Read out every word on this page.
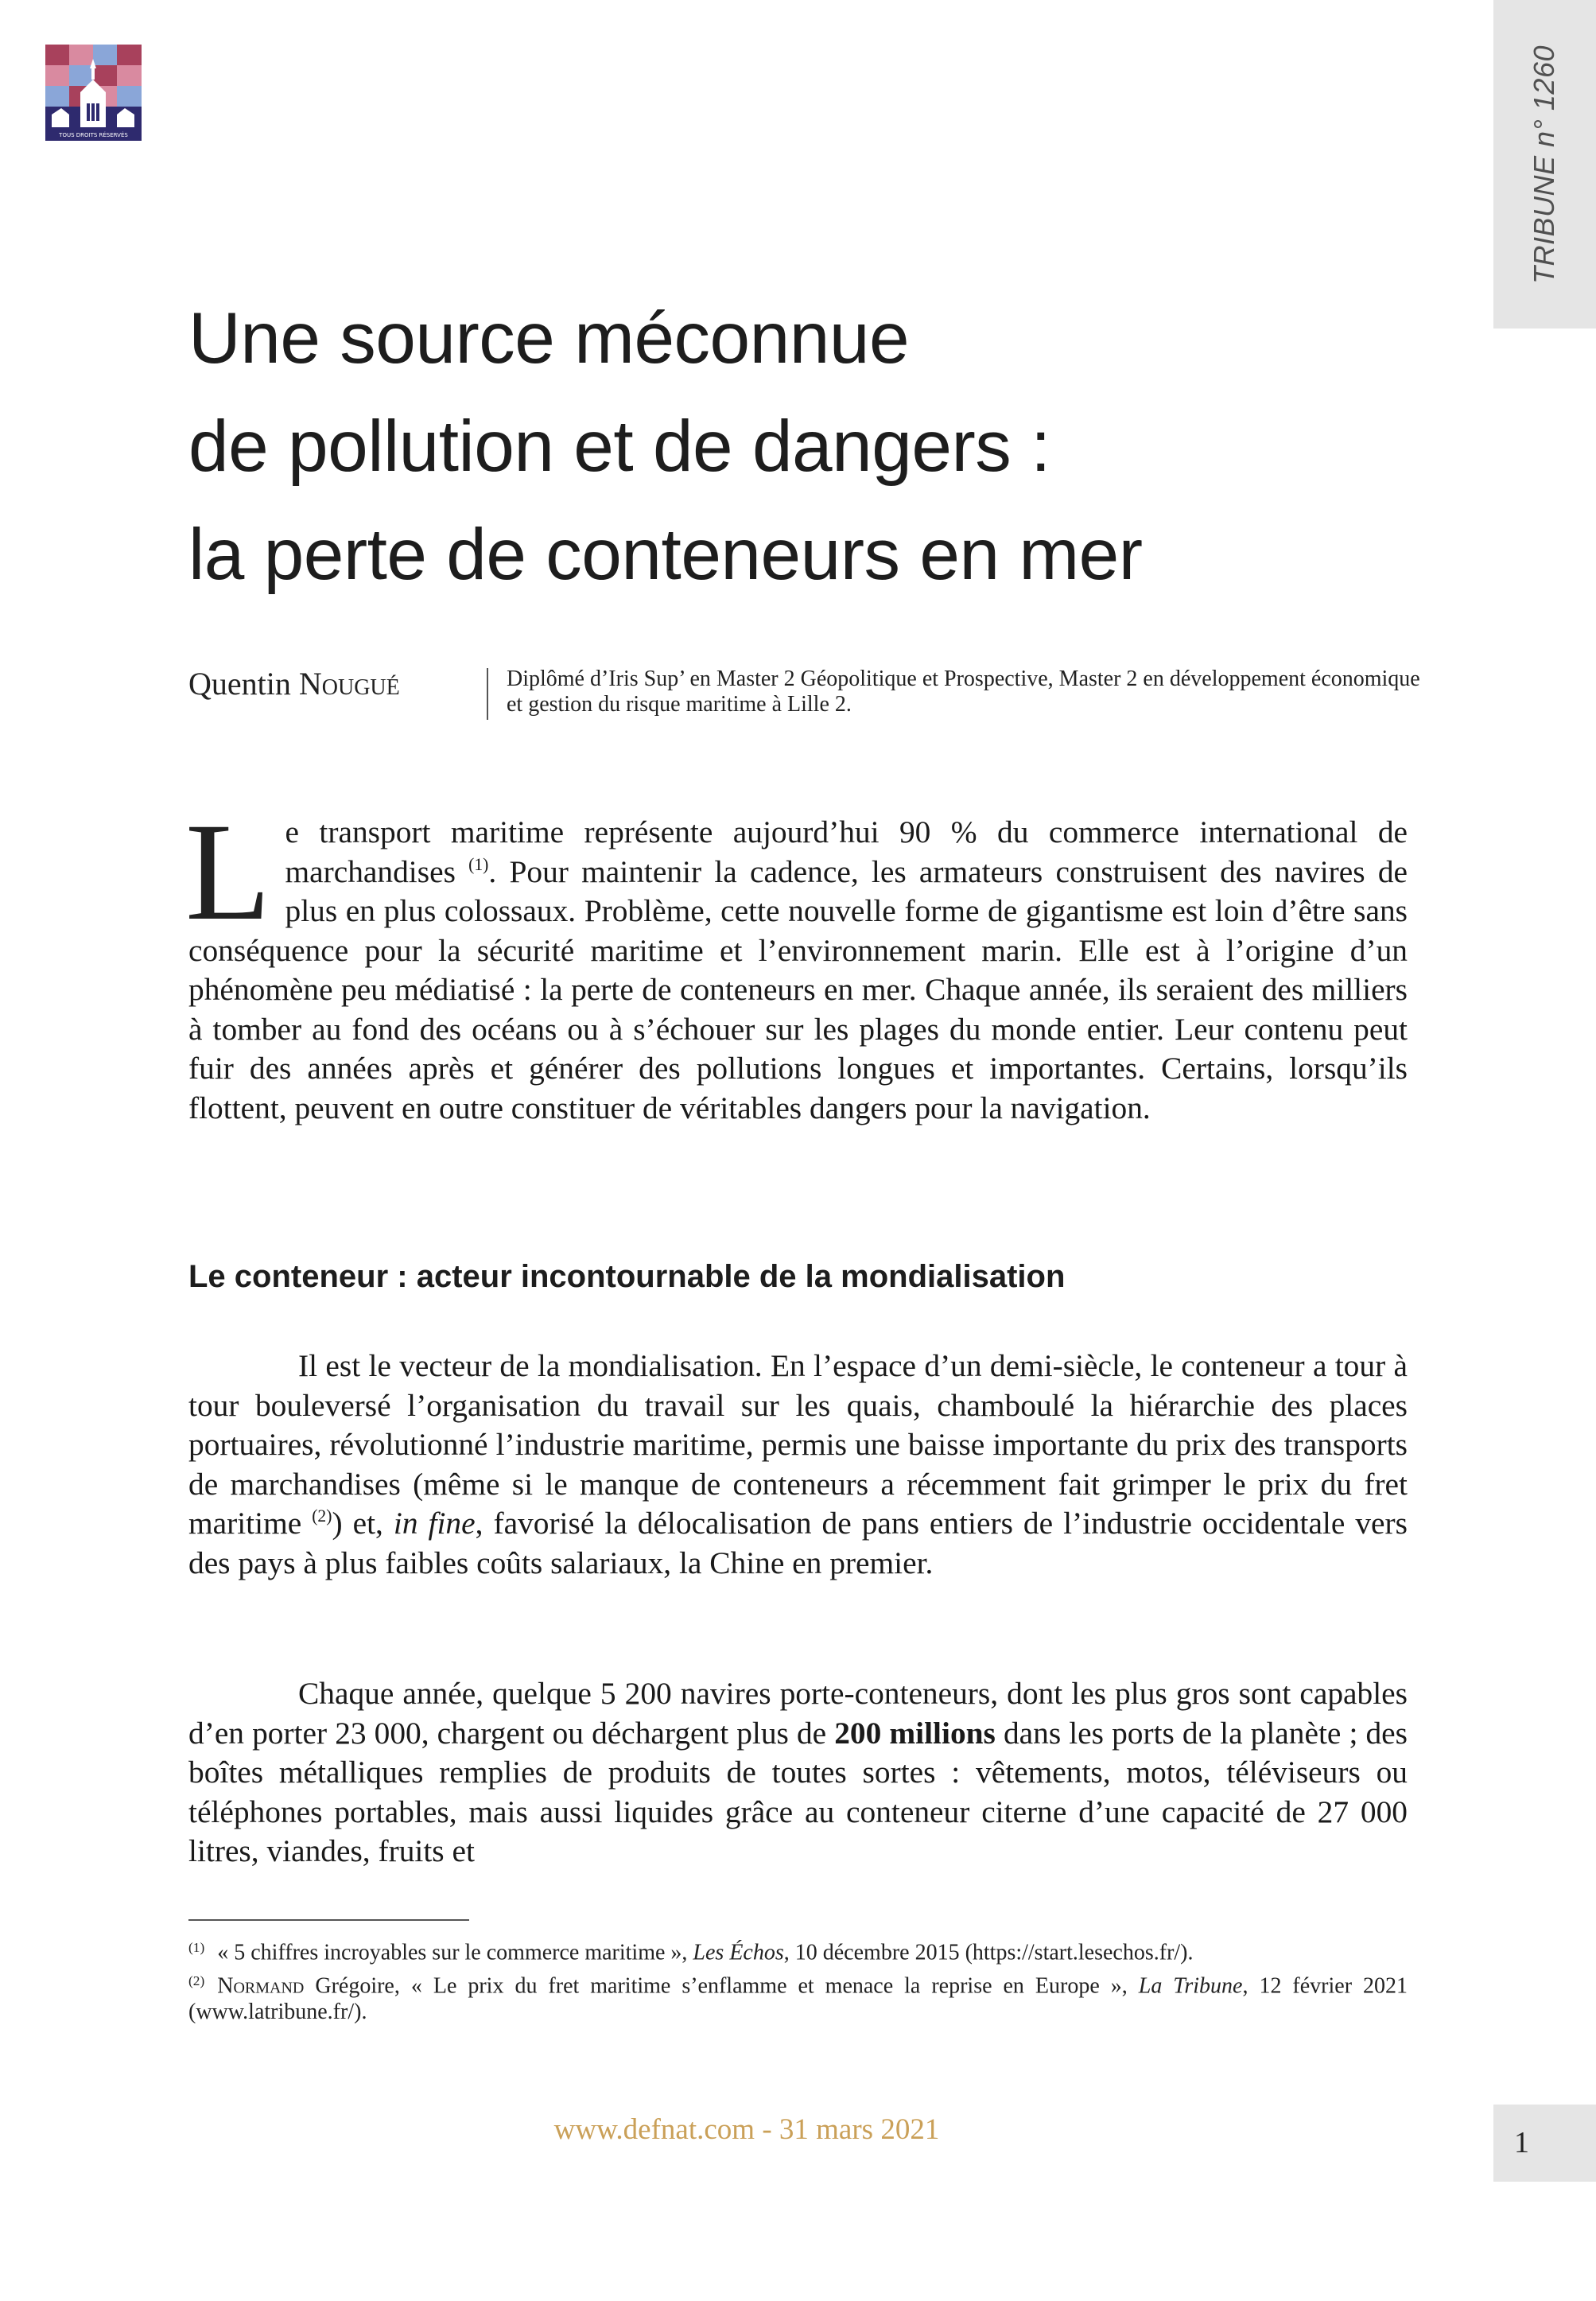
TOUS DROITS RÉSERVÉS	TRIBUNE n° 1260
Une source méconnue
de pollution et de dangers :
la perte de conteneurs en mer
Quentin Nougué	Diplômé d’Iris Sup’ en Master 2 Géopolitique et Prospective, Master 2 en développement économique et gestion du risque maritime à Lille 2.

Le transport maritime représente aujourd’hui 90 % du commerce international de marchandises $^{(1)}$. Pour maintenir la cadence, les armateurs construisent des navires de plus en plus colossaux. Problème, cette nouvelle forme de gigantisme est loin d’être sans conséquence pour la sécurité maritime et l’environnement marin. Elle est à l’origine d’un phénomène peu médiatisé : la perte de conteneurs en mer. Chaque année, ils seraient des milliers à tomber au fond des océans ou à s’échouer sur les plages du monde entier. Leur contenu peut fuir des années après et générer des pollutions longues et importantes. Certains, lorsqu’ils flottent, peuvent en outre constituer de véritables dangers pour la navigation.

Le conteneur : acteur incontournable de la mondialisation

Il est le vecteur de la mondialisation. En l’espace d’un demi-siècle, le conteneur a tour à tour bouleversé l’organisation du travail sur les quais, chamboulé la hiérarchie des places portuaires, révolutionné l’industrie maritime, permis une baisse importante du prix des transports de marchandises (même si le manque de conteneurs a récemment fait grimper le prix du fret maritime $^{(2)}$) et, in fine, favorisé la délocalisation de pans entiers de l’industrie occidentale vers des pays à plus faibles coûts salariaux, la Chine en premier.

Chaque année, quelque 5 200 navires porte-conteneurs, dont les plus gros sont capables d’en porter 23 000, chargent ou déchargent plus de 200 millions dans les ports de la planète ; des boîtes métalliques remplies de produits de toutes sortes : vêtements, motos, téléviseurs ou téléphones portables, mais aussi liquides grâce au conteneur citerne d’une capacité de 27 000 litres, viandes, fruits et

$^{(1)}$ « 5 chiffres incroyables sur le commerce maritime », Les Échos, 10 décembre 2015 (https://start.lesechos.fr/).

$^{(2)}$ Normand Grégoire, « Le prix du fret maritime s’enflamme et menace la reprise en Europe », La Tribune, 12 février 2021 (www.latribune.fr/).

www.defnat.com - 31 mars 2021	1
